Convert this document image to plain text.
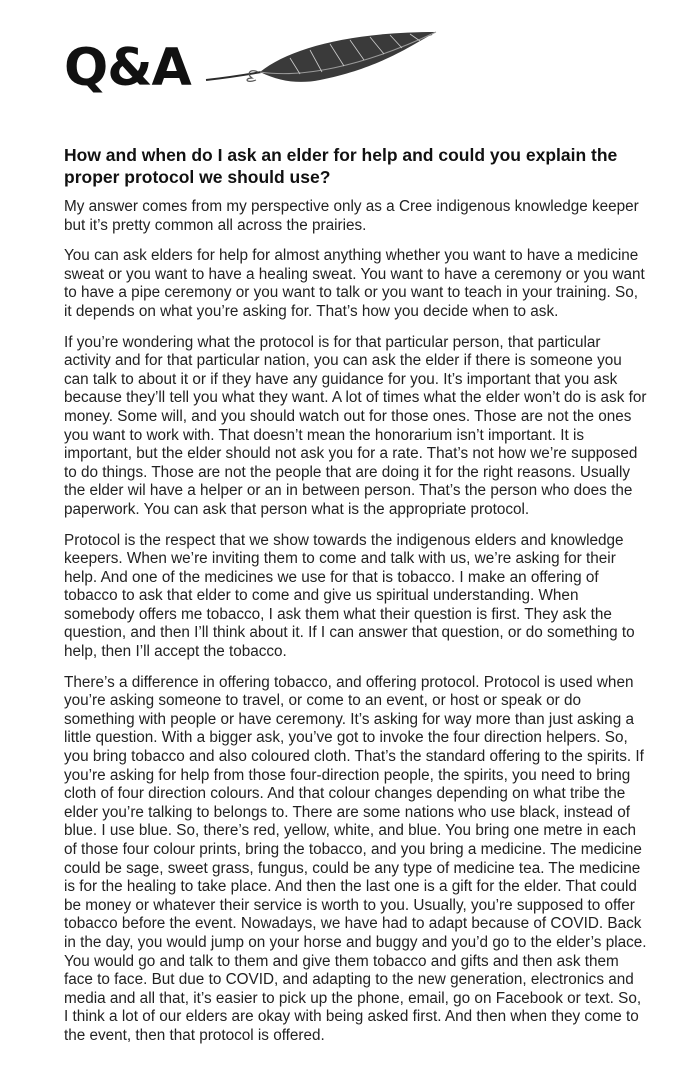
Q&A
How and when do I ask an elder for help and could you explain the proper protocol we should use?

My answer comes from my perspective only as a Cree indigenous knowledge keeper but it’s pretty common all across the prairies.

You can ask elders for help for almost anything whether you want to have a medicine sweat or you want to have a healing sweat. You want to have a ceremony or you want to have a pipe ceremony or you want to talk or you want to teach in your training. So, it depends on what you’re asking for. That’s how you decide when to ask.

If you’re wondering what the protocol is for that particular person, that particular activity and for that particular nation, you can ask the elder if there is someone you can talk to about it or if they have any guidance for you. It’s important that you ask because they’ll tell you what they want. A lot of times what the elder won’t do is ask for money. Some will, and you should watch out for those ones. Those are not the ones you want to work with. That doesn’t mean the honorarium isn’t important. It is important, but the elder should not ask you for a rate. That’s not how we’re supposed to do things. Those are not the people that are doing it for the right reasons. Usually the elder wil have a helper or an in between person. That’s the person who does the paperwork. You can ask that person what is the appropriate protocol.

Protocol is the respect that we show towards the indigenous elders and knowledge keepers. When we’re inviting them to come and talk with us, we’re asking for their help. And one of the medicines we use for that is tobacco. I make an offering of tobacco to ask that elder to come and give us spiritual understanding. When somebody offers me tobacco, I ask them what their question is first. They ask the question, and then I’ll think about it. If I can answer that question, or do something to help, then I’ll accept the tobacco.

There’s a difference in offering tobacco, and offering protocol. Protocol is used when you’re asking someone to travel, or come to an event, or host or speak or do something with people or have ceremony. It’s asking for way more than just asking a little question. With a bigger ask, you’ve got to invoke the four direction helpers. So, you bring tobacco and also coloured cloth. That’s the standard offering to the spirits. If you’re asking for help from those four-direction people, the spirits, you need to bring cloth of four direction colours. And that colour changes depending on what tribe the elder you’re talking to belongs to. There are some nations who use black, instead of blue. I use blue. So, there’s red, yellow, white, and blue. You bring one metre in each of those four colour prints, bring the tobacco, and you bring a medicine. The medicine could be sage, sweet grass, fungus, could be any type of medicine tea. The medicine is for the healing to take place. And then the last one is a gift for the elder. That could be money or whatever their service is worth to you. Usually, you’re supposed to offer tobacco before the event. Nowadays, we have had to adapt because of COVID. Back in the day, you would jump on your horse and buggy and you’d go to the elder’s place. You would go and talk to them and give them tobacco and gifts and then ask them face to face. But due to COVID, and adapting to the new generation, electronics and media and all that, it’s easier to pick up the phone, email, go on Facebook or text. So, I think a lot of our elders are okay with being asked first. And then when they come to the event, then that protocol is offered.
